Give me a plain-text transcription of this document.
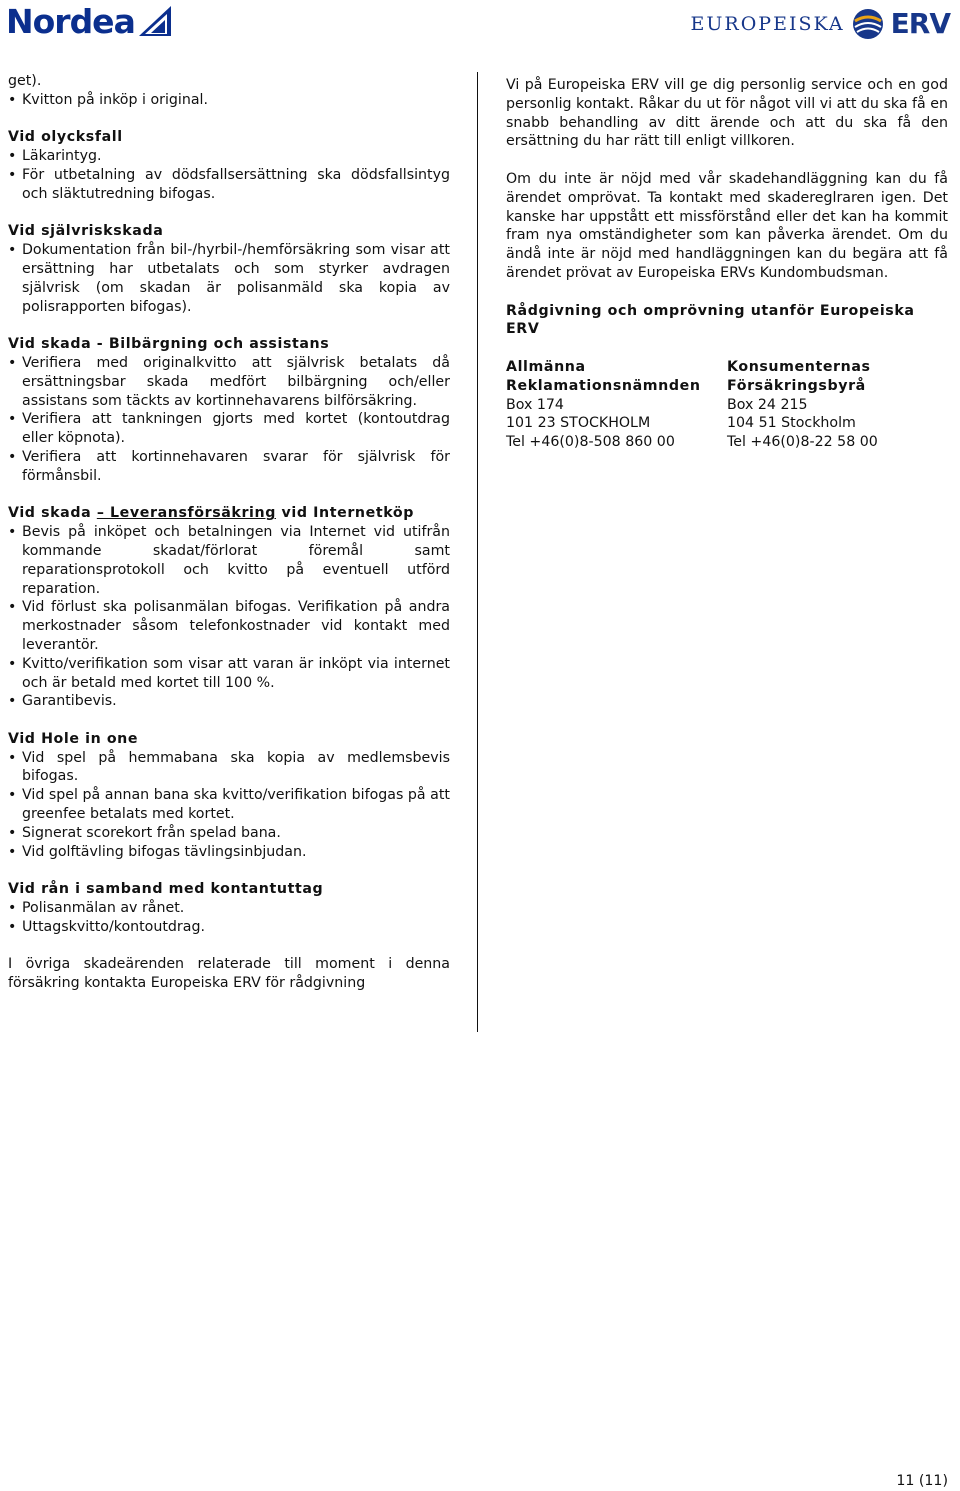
Nordea	EUROPEISKA ERV

get).

• Kvitton på inköp i original.

Vid olycksfall

• Läkarintyg.
• För utbetalning av dödsfallsersättning ska dödsfallsintyg och släktutredning bifogas.

Vid självriskskada

• Dokumentation från bil-/hyrbil-/hemförsäkring som visar att ersättning har utbetalats och som styrker avdragen självrisk (om skadan är polisanmäld ska kopia av polisrapporten bifogas).

Vid skada - Bilbärgning och assistans

• Verifiera med originalkvitto att självrisk betalats då ersättningsbar skada medfört bilbärgning och/eller assistans som täckts av kortinnehavarens bilförsäkring.
• Verifiera att tankningen gjorts med kortet (kontoutdrag eller köpnota).
• Verifiera att kortinnehavaren svarar för självrisk för förmånsbil.

Vid skada – Leveransförsäkring vid Internetköp

• Bevis på inköpet och betalningen via Internet vid utifrån kommande skadat/förlorat föremål samt reparationsprotokoll och kvitto på eventuell utförd reparation.
• Vid förlust ska polisanmälan bifogas. Verifikation på andra merkostnader såsom telefonkostnader vid kontakt med leverantör.
• Kvitto/verifikation som visar att varan är inköpt via internet och är betald med kortet till 100 %.
• Garantibevis.

Vid Hole in one

• Vid spel på hemmabana ska kopia av medlemsbevis bifogas.
• Vid spel på annan bana ska kvitto/verifikation bifogas på att greenfee betalats med kortet.
• Signerat scorekort från spelad bana.
• Vid golftävling bifogas tävlingsinbjudan.

Vid rån i samband med kontantuttag

• Polisanmälan av rånet.
• Uttagskvitto/kontoutdrag.

I övriga skadeärenden relaterade till moment i denna försäkring kontakta Europeiska ERV för rådgivning

Vi på Europeiska ERV vill ge dig personlig service och en god personlig kontakt. Råkar du ut för något vill vi att du ska få en snabb behandling av ditt ärende och att du ska få den ersättning du har rätt till enligt villkoren.

Om du inte är nöjd med vår skadehandläggning kan du få ärendet omprövat. Ta kontakt med skadereglraren igen. Det kanske har uppstått ett missförstånd eller det kan ha kommit fram nya omständigheter som kan påverka ärendet. Om du ändå inte är nöjd med handläggningen kan du begära att få ärendet prövat av Europeiska ERVs Kundombudsman.

Rådgivning och omprövning utanför Europeiska ERV

Allmänna

Reklamationsnämnden

Box 174

101 23 STOCKHOLM

Tel +46(0)8-508 860 00

Konsumenternas

Försäkringsbyrå

Box 24 215

104 51 Stockholm

Tel +46(0)8-22 58 00

11 (11)
